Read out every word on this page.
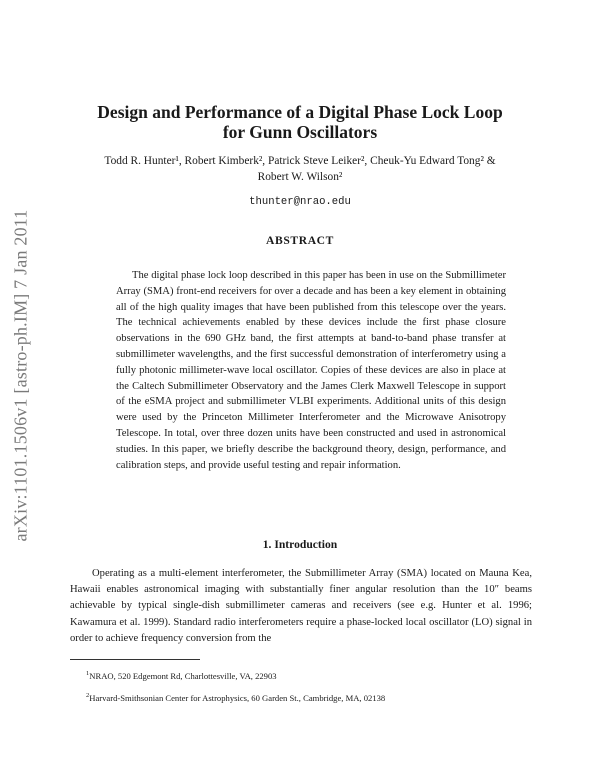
arXiv:1101.1506v1 [astro-ph.IM] 7 Jan 2011
Design and Performance of a Digital Phase Lock Loop
for Gunn Oscillators
Todd R. Hunter¹, Robert Kimberk², Patrick Steve Leiker², Cheuk-Yu Edward Tong² &
Robert W. Wilson²
thunter@nrao.edu
ABSTRACT

The digital phase lock loop described in this paper has been in use on the Submillimeter Array (SMA) front-end receivers for over a decade and has been a key element in obtaining all of the high quality images that have been published from this telescope over the years. The technical achievements enabled by these devices include the first phase closure observations in the 690 GHz band, the first attempts at band-to-band phase transfer at submillimeter wavelengths, and the first successful demonstration of interferometry using a fully photonic millimeter-wave local oscillator. Copies of these devices are also in place at the Caltech Submillimeter Observatory and the James Clerk Maxwell Telescope in support of the eSMA project and submillimeter VLBI experiments. Additional units of this design were used by the Princeton Millimeter Interferometer and the Microwave Anisotropy Telescope. In total, over three dozen units have been constructed and used in astronomical studies. In this paper, we briefly describe the background theory, design, performance, and calibration steps, and provide useful testing and repair information.

1. Introduction

Operating as a multi-element interferometer, the Submillimeter Array (SMA) located on Mauna Kea, Hawaii enables astronomical imaging with substantially finer angular resolution than the 10″ beams achievable by typical single-dish submillimeter cameras and receivers (see e.g. Hunter et al. 1996; Kawamura et al. 1999). Standard radio interferometers require a phase-locked local oscillator (LO) signal in order to achieve frequency conversion from the

$^1$NRAO, 520 Edgemont Rd, Charlottesville, VA, 22903
$^2$Harvard-Smithsonian Center for Astrophysics, 60 Garden St., Cambridge, MA, 02138
